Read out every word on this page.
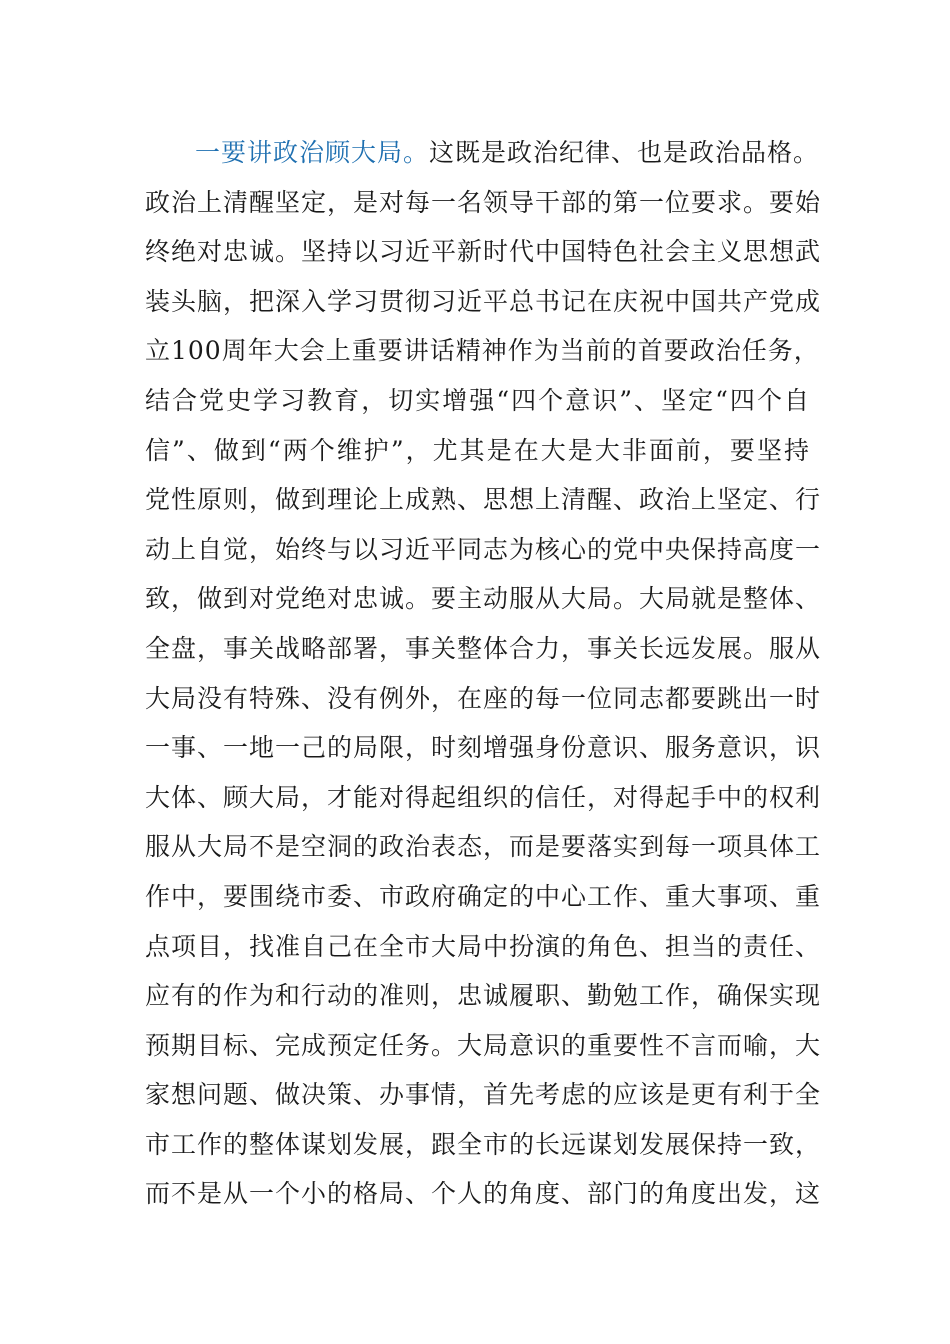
一要讲政治顾大局。这既是政治纪律、也是政治品格。
政治上清醒坚定，是对每一名领导干部的第一位要求。要始
终绝对忠诚。坚持以习近平新时代中国特色社会主义思想武
装头脑，把深入学习贯彻习近平总书记在庆祝中国共产党成
立100周年大会上重要讲话精神作为当前的首要政治任务，
结合党史学习教育，切实增强“四个意识”、坚定“四个自
信”、做到“两个维护”，尤其是在大是大非面前，要坚持
党性原则，做到理论上成熟、思想上清醒、政治上坚定、行
动上自觉，始终与以习近平同志为核心的党中央保持高度一
致，做到对党绝对忠诚。要主动服从大局。大局就是整体、
全盘，事关战略部署，事关整体合力，事关长远发展。服从
大局没有特殊、没有例外，在座的每一位同志都要跳出一时
一事、一地一己的局限，时刻增强身份意识、服务意识，识
大体、顾大局，才能对得起组织的信任，对得起手中的权利
服从大局不是空洞的政治表态，而是要落实到每一项具体工
作中，要围绕市委、市政府确定的中心工作、重大事项、重
点项目，找准自己在全市大局中扮演的角色、担当的责任、
应有的作为和行动的准则，忠诚履职、勤勉工作，确保实现
预期目标、完成预定任务。大局意识的重要性不言而喻，大
家想问题、做决策、办事情，首先考虑的应该是更有利于全
市工作的整体谋划发展，跟全市的长远谋划发展保持一致，
而不是从一个小的格局、个人的角度、部门的角度出发，这
